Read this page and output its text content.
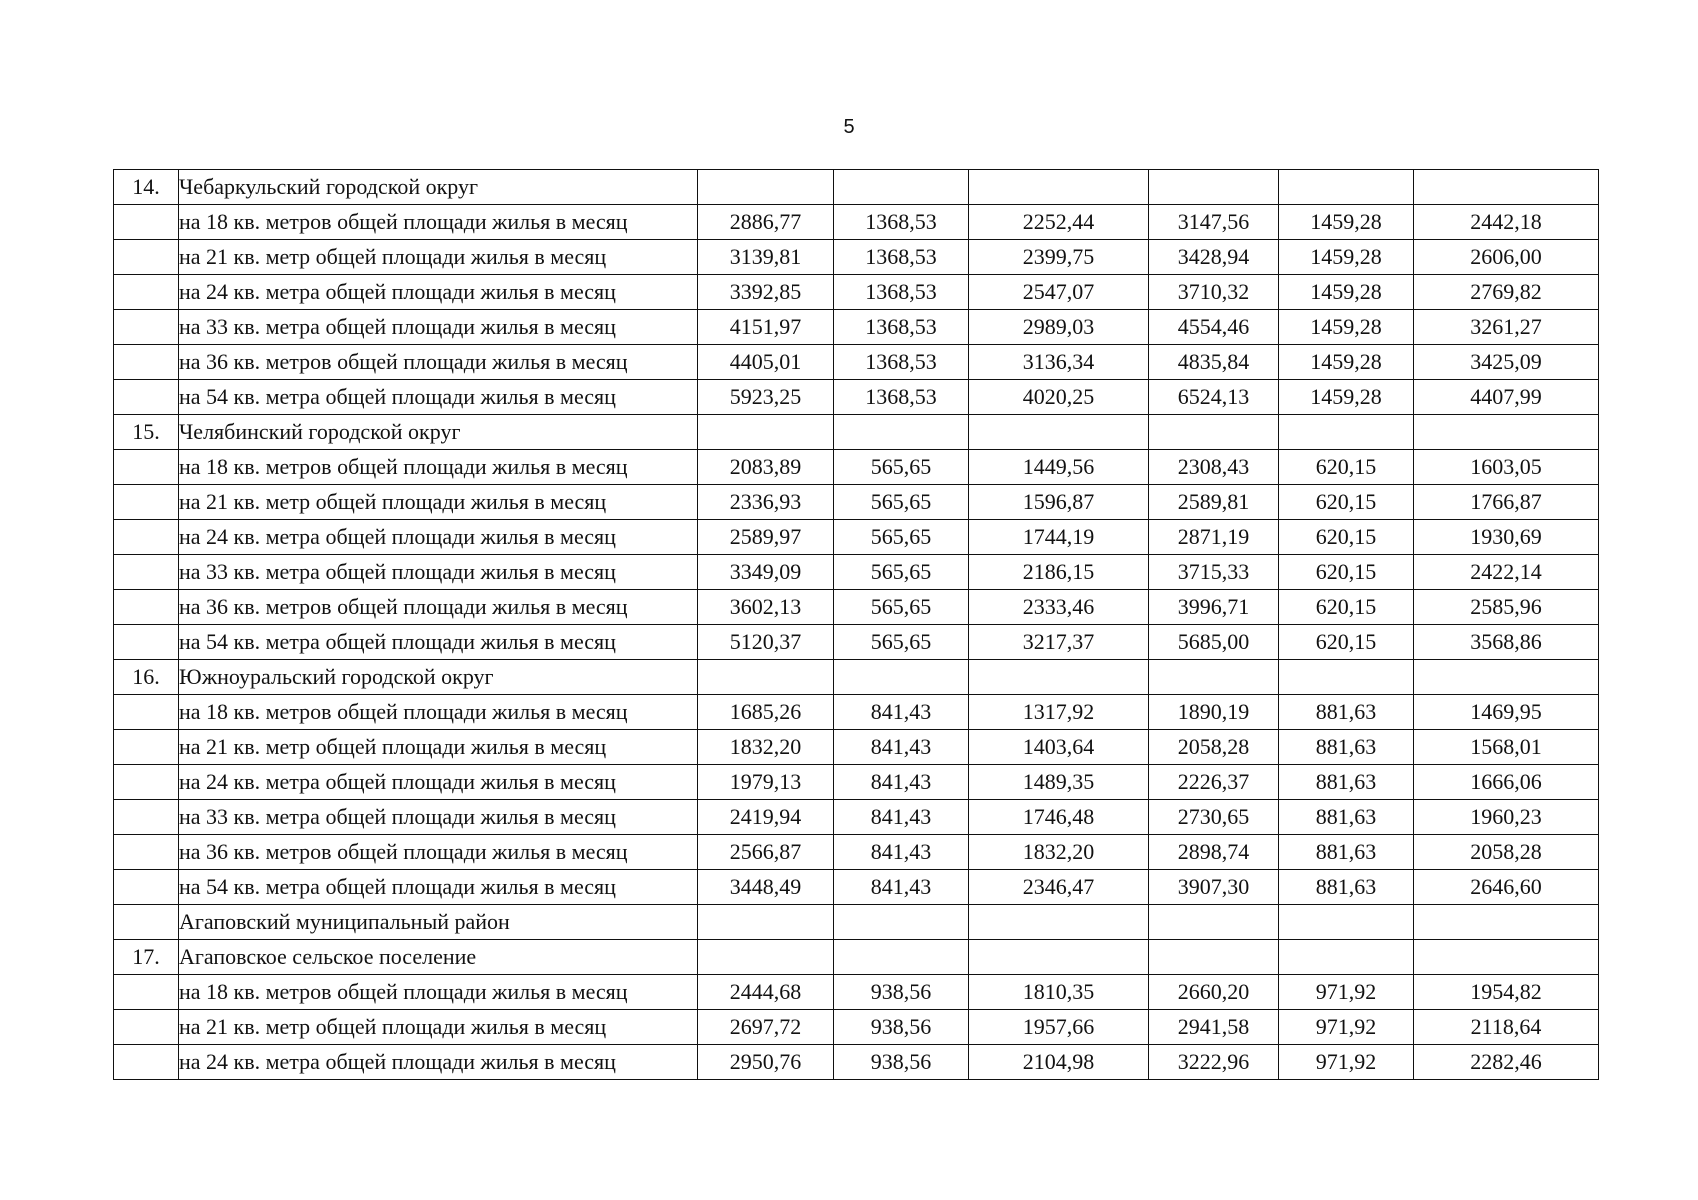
5
14.	Чебаркульский городской округ						
	на 18 кв. метров общей площади жилья в месяц	2886,77	1368,53	2252,44	3147,56	1459,28	2442,18
	на 21 кв. метр общей площади жилья в месяц	3139,81	1368,53	2399,75	3428,94	1459,28	2606,00
	на 24 кв. метра общей площади жилья в месяц	3392,85	1368,53	2547,07	3710,32	1459,28	2769,82
	на 33 кв. метра общей площади жилья в месяц	4151,97	1368,53	2989,03	4554,46	1459,28	3261,27
	на 36 кв. метров общей площади жилья в месяц	4405,01	1368,53	3136,34	4835,84	1459,28	3425,09
	на 54 кв. метра общей площади жилья в месяц	5923,25	1368,53	4020,25	6524,13	1459,28	4407,99
15.	Челябинский городской округ						
	на 18 кв. метров общей площади жилья в месяц	2083,89	565,65	1449,56	2308,43	620,15	1603,05
	на 21 кв. метр общей площади жилья в месяц	2336,93	565,65	1596,87	2589,81	620,15	1766,87
	на 24 кв. метра общей площади жилья в месяц	2589,97	565,65	1744,19	2871,19	620,15	1930,69
	на 33 кв. метра общей площади жилья в месяц	3349,09	565,65	2186,15	3715,33	620,15	2422,14
	на 36 кв. метров общей площади жилья в месяц	3602,13	565,65	2333,46	3996,71	620,15	2585,96
	на 54 кв. метра общей площади жилья в месяц	5120,37	565,65	3217,37	5685,00	620,15	3568,86
16.	Южноуральский городской округ						
	на 18 кв. метров общей площади жилья в месяц	1685,26	841,43	1317,92	1890,19	881,63	1469,95
	на 21 кв. метр общей площади жилья в месяц	1832,20	841,43	1403,64	2058,28	881,63	1568,01
	на 24 кв. метра общей площади жилья в месяц	1979,13	841,43	1489,35	2226,37	881,63	1666,06
	на 33 кв. метра общей площади жилья в месяц	2419,94	841,43	1746,48	2730,65	881,63	1960,23
	на 36 кв. метров общей площади жилья в месяц	2566,87	841,43	1832,20	2898,74	881,63	2058,28
	на 54 кв. метра общей площади жилья в месяц	3448,49	841,43	2346,47	3907,30	881,63	2646,60
	Агаповский муниципальный район						
17.	Агаповское сельское поселение						
	на 18 кв. метров общей площади жилья в месяц	2444,68	938,56	1810,35	2660,20	971,92	1954,82
	на 21 кв. метр общей площади жилья в месяц	2697,72	938,56	1957,66	2941,58	971,92	2118,64
	на 24 кв. метра общей площади жилья в месяц	2950,76	938,56	2104,98	3222,96	971,92	2282,46
